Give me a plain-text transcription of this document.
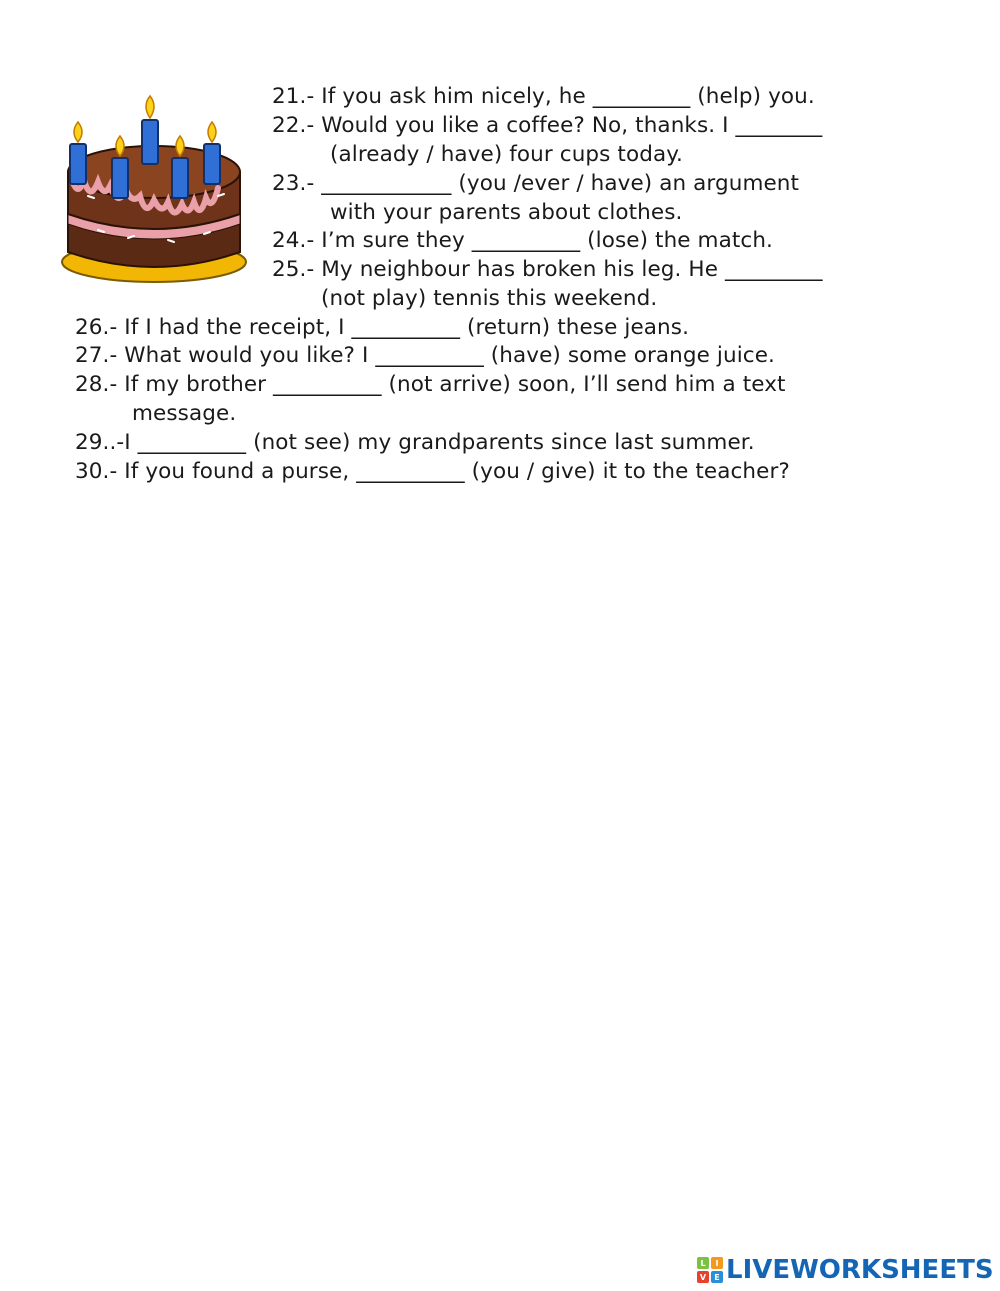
21.- If you ask him nicely, he _________ (help) you.
22.- Would you like a coffee? No, thanks. I ________
(already / have) four cups today.
23.- ____________ (you /ever / have) an argument
with your parents about clothes.
24.- I’m sure they __________ (lose) the match.
25.- My neighbour has broken his leg. He _________
(not play) tennis this weekend.
26.- If I had the receipt, I __________ (return) these jeans.
27.- What would you like? I __________ (have) some orange juice.
28.- If my brother __________ (not arrive) soon, I’ll send him a text
message.
29..-I __________ (not see) my grandparents since last summer.
30.- If you found a purse, __________ (you / give) it to the teacher?
L I
V E LIVEWORKSHEETS
